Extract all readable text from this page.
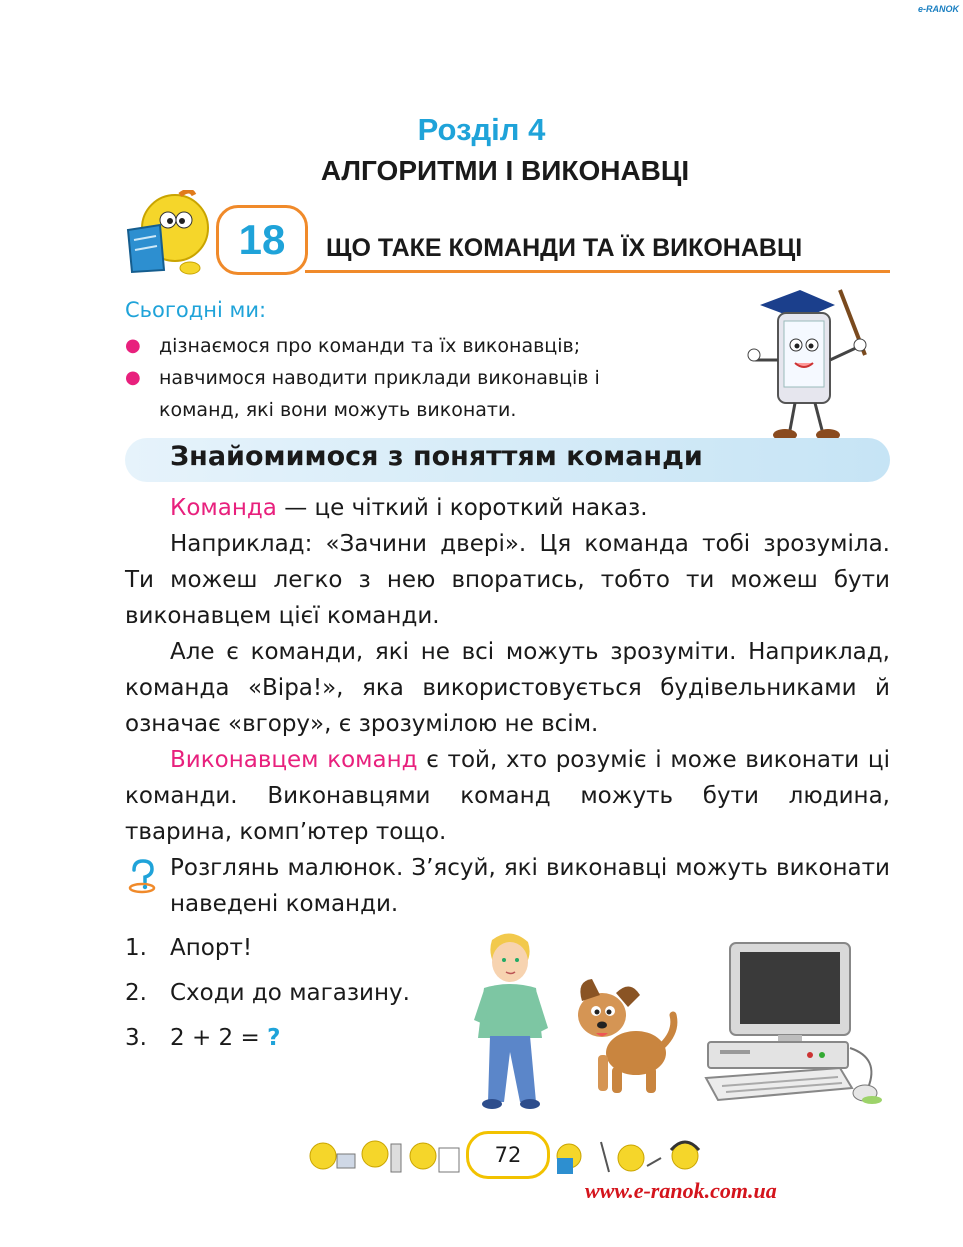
e-RANOK
Розділ 4
АЛГОРИТМИ І ВИКОНАВЦІ
18	ЩО ТАКЕ КОМАНДИ ТА ЇХ ВИКОНАВЦІ
Сьогодні ми:
● дізнаємося про команди та їх виконавців;
● навчимося наводити приклади виконавців і команд, які вони можуть виконати.
Знайомимося з поняттям команди

Команда — це чіткий і короткий наказ.

Наприклад: «Зачини двері». Ця команда тобі зрозуміла. Ти можеш легко з нею впоратись, тобто ти можеш бути виконавцем цієї команди.

Але є команди, які не всі можуть зрозуміти. Наприклад, команда «Віра!», яка використовується будівельниками й означає «вгору», є зрозумілою не всім.

Виконавцем команд є той, хто розуміє і може виконати ці команди. Виконавцями команд можуть бути людина, тварина, комп’ютер тощо.

Розглянь малюнок. З’ясуй, які виконавці можуть виконати наведені команди.
1. Апорт!
2. Сходи до магазину.
3. 2 + 2 = ?
72
www.e-ranok.com.ua
